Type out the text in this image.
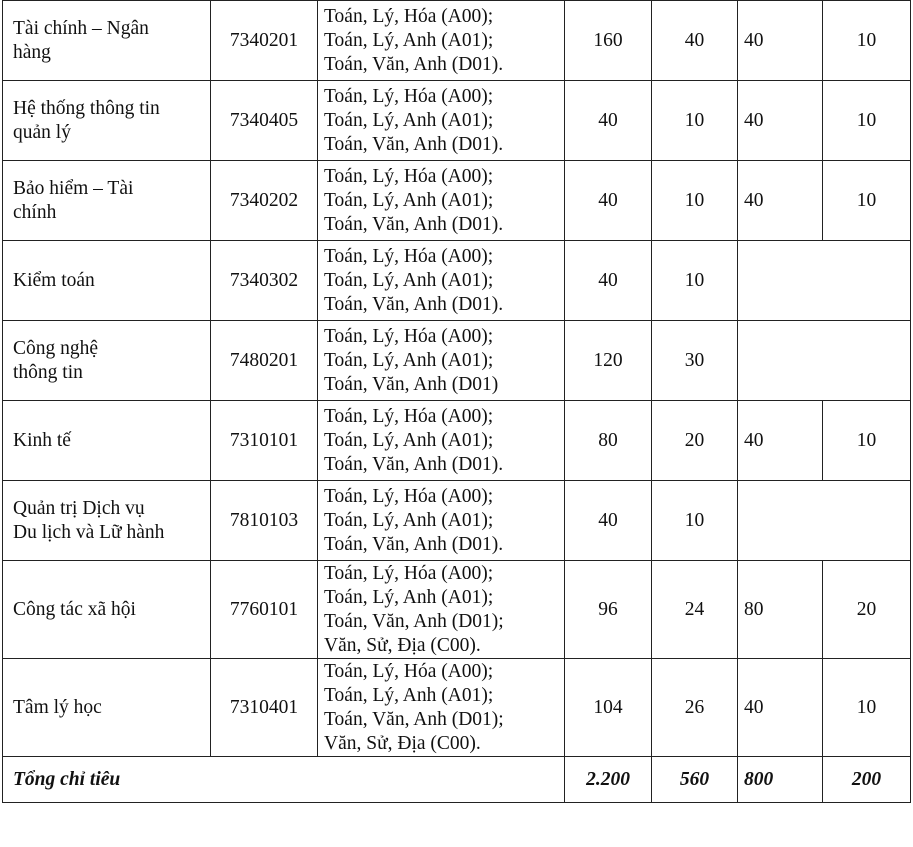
Tài chính – Ngân
hàng	7340201	Toán, Lý, Hóa (A00);
Toán, Lý, Anh (A01);
Toán, Văn, Anh (D01).	160	40	40	10

Hệ thống thông tin
quản lý	7340405	Toán, Lý, Hóa (A00);
Toán, Lý, Anh (A01);
Toán, Văn, Anh (D01).	40	10	40	10

Bảo hiểm – Tài
chính	7340202	Toán, Lý, Hóa (A00);
Toán, Lý, Anh (A01);
Toán, Văn, Anh (D01).	40	10	40	10

Kiểm toán	7340302	Toán, Lý, Hóa (A00);
Toán, Lý, Anh (A01);
Toán, Văn, Anh (D01).	40	10		

Công nghệ
thông tin	7480201	Toán, Lý, Hóa (A00);
Toán, Lý, Anh (A01);
Toán, Văn, Anh (D01)	120	30		

Kinh tế	7310101	Toán, Lý, Hóa (A00);
Toán, Lý, Anh (A01);
Toán, Văn, Anh (D01).	80	20	40	10

Quản trị Dịch vụ
Du lịch và Lữ hành	7810103	Toán, Lý, Hóa (A00);
Toán, Lý, Anh (A01);
Toán, Văn, Anh (D01).	40	10		

Công tác xã hội	7760101	Toán, Lý, Hóa (A00);
Toán, Lý, Anh (A01);
Toán, Văn, Anh (D01);
Văn, Sử, Địa (C00).	96	24	80	20

Tâm lý học	7310401	Toán, Lý, Hóa (A00);
Toán, Lý, Anh (A01);
Toán, Văn, Anh (D01);
Văn, Sử, Địa (C00).	104	26	40	10
Tổng chỉ tiêu			2.200	560	800	200
